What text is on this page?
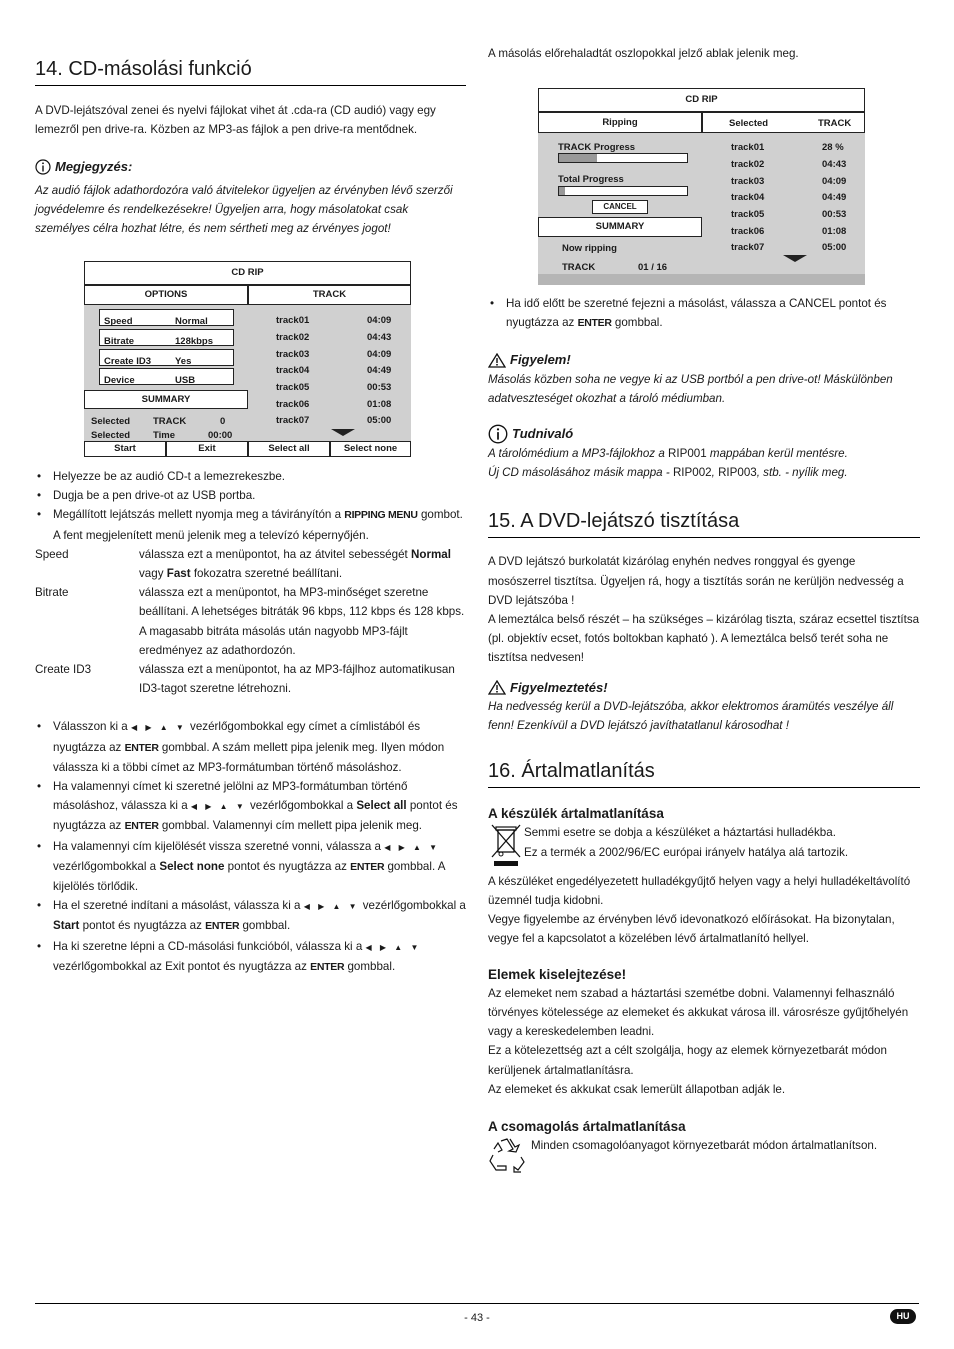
14. CD-másolási funkció

A DVD-lejátszóval zenei és nyelvi fájlokat vihet át .cda-ra (CD audió) vagy egy lemezről pen drive-ra. Közben az MP3-as fájlok a pen drive-ra mentődnek.

Megjegyzés:

Az audió fájlok adathordozóra való átvitelekor ügyeljen az érvényben lévő szerzői jogvédelemre és rendelkezésekre! Ügyeljen arra, hogy másolatokat csak személyes célra hozhat létre, és nem sértheti meg az érvényes jogot!

CD RIP
OPTIONS	TRACK
Speed	Normal
Bitrate	128kbps
Create ID3	Yes
Device	USB
SUMMARY
Selected TRACK	0
Selected Time	00:00
track01	04:09
track02	04:43
track03	04:09
track04	04:49
track05	00:53
track06	01:08
track07	05:00
Start	Exit	Select all	Select none
• Helyezze be az audió CD-t a lemezrekeszbe.
• Dugja be a pen drive-ot az USB portba.
• Megállított lejátszás mellett nyomja meg a távirányítón a RIPPING MENU gombot. A fent megjelenített menü jelenik meg a televízó képernyőjén.
Speed	válassza ezt a menüpontot, ha az átvitel sebességét Normal vagy Fast fokozatra szeretné beállítani.
Bitrate	válassza ezt a menüpontot, ha MP3-minőséget szeretne beállítani. A lehetséges bitráták 96 kbps, 112 kbps és 128 kbps. A magasabb bitráta másolás után nagyobb MP3-fájlt eredményez az adathordozón.
Create ID3	válassza ezt a menüpontot, ha az MP3-fájlhoz automatikusan ID3-tagot szeretne létrehozni.
• Válasszon ki a ◀ ▶ ▲ ▼ vezérlőgombokkal egy címet a címlistából és nyugtázza az ENTER gombbal. A szám mellett pipa jelenik meg. Ilyen módon válassza ki a többi címet az MP3-formátumban történő másoláshoz.
• Ha valamennyi címet ki szeretné jelölni az MP3-formátumban történő másoláshoz, válassza ki a ◀ ▶ ▲ ▼ vezérlőgombokkal a Select all pontot és nyugtázza az ENTER gombbal. Valamennyi cím mellett pipa jelenik meg.
• Ha valamennyi cím kijelölését vissza szeretné vonni, válassza a ◀ ▶ ▲ ▼ vezérlőgombokkal a Select none pontot és nyugtázza az ENTER gombbal. A kijelölés törlődik.
• Ha el szeretné indítani a másolást, válassza ki a ◀ ▶ ▲ ▼ vezérlőgombokkal a Start pontot és nyugtázza az ENTER gombbal.
• Ha ki szeretne lépni a CD-másolási funkcióból, válassza ki a ◀ ▶ ▲ ▼ vezérlőgombokkal az Exit pontot és nyugtázza az ENTER gombbal.

A másolás előrehaladtát oszlopokkal jelző ablak jelenik meg.

CD RIP
Ripping	Selected	TRACK
TRACK Progress
Total Progress
CANCEL
SUMMARY
Now ripping
TRACK	01 / 16
track01	28 %
track02	04:43
track03	04:09
track04	04:49
track05	00:53
track06	01:08
track07	05:00
• Ha idő előtt be szeretné fejezni a másolást, válassza a CANCEL pontot és nyugtázza az ENTER gombbal.
Figyelem!

Másolás közben soha ne vegye ki az USB portból a pen drive-ot! Máskülönben adatveszteséget okozhat a tároló médiumban.

Tudnivaló

A tárolómédium a MP3-fájlokhoz a RIP001 mappában kerül mentésre.

Új CD másolásához másik mappa - RIP002, RIP003, stb. - nyílik meg.

15. A DVD-lejátszó tisztítása

A DVD lejátszó burkolatát kizárólag enyhén nedves ronggyal és gyenge mosószerrel tisztítsa. Ügyeljen rá, hogy a tisztítás során ne kerüljön nedvesség a DVD lejátszóba !

A lemeztálca belső részét – ha szükséges – kizárólag tiszta, száraz ecsettel tisztítsa (pl. objektív ecset, fotós boltokban kapható ). A lemeztálca belső terét soha ne tisztítsa nedvesen!

Figyelmeztetés!

Ha nedvesség kerül a DVD-lejátszóba, akkor elektromos áramütés veszélye áll fenn! Ezenkívül a DVD lejátszó javíthatatlanul károsodhat !

16. Ártalmatlanítás
A készülék ártalmatlanítása

Semmi esetre se dobja a készüléket a háztartási hulladékba.

Ez a termék a 2002/96/EC európai irányelv hatálya alá tartozik.

A készüléket engedélyezetett hulladékgyűjtő helyen vagy a helyi hulladékeltávolító üzemnél tudja kidobni.

Vegye figyelembe az érvényben lévő idevonatkozó előírásokat. Ha bizonytalan, vegye fel a kapcsolatot a közelében lévő ártalmatlanító hellyel.

Elemek kiselejtezése!

Az elemeket nem szabad a háztartási szemétbe dobni. Valamennyi felhasználó törvényes kötelessége az elemeket és akkukat városa ill. városrésze gyűjtőhelyén vagy a kereskedelemben leadni.

Ez a kötelezettség azt a célt szolgálja, hogy az elemek környezetbarát módon kerüljenek ártalmatlanításra.

Az elemeket és akkukat csak lemerült állapotban adják le.

A csomagolás ártalmatlanítása

Minden csomagolóanyagot környezetbarát módon ártalmatlanítson.

- 43 -	HU
